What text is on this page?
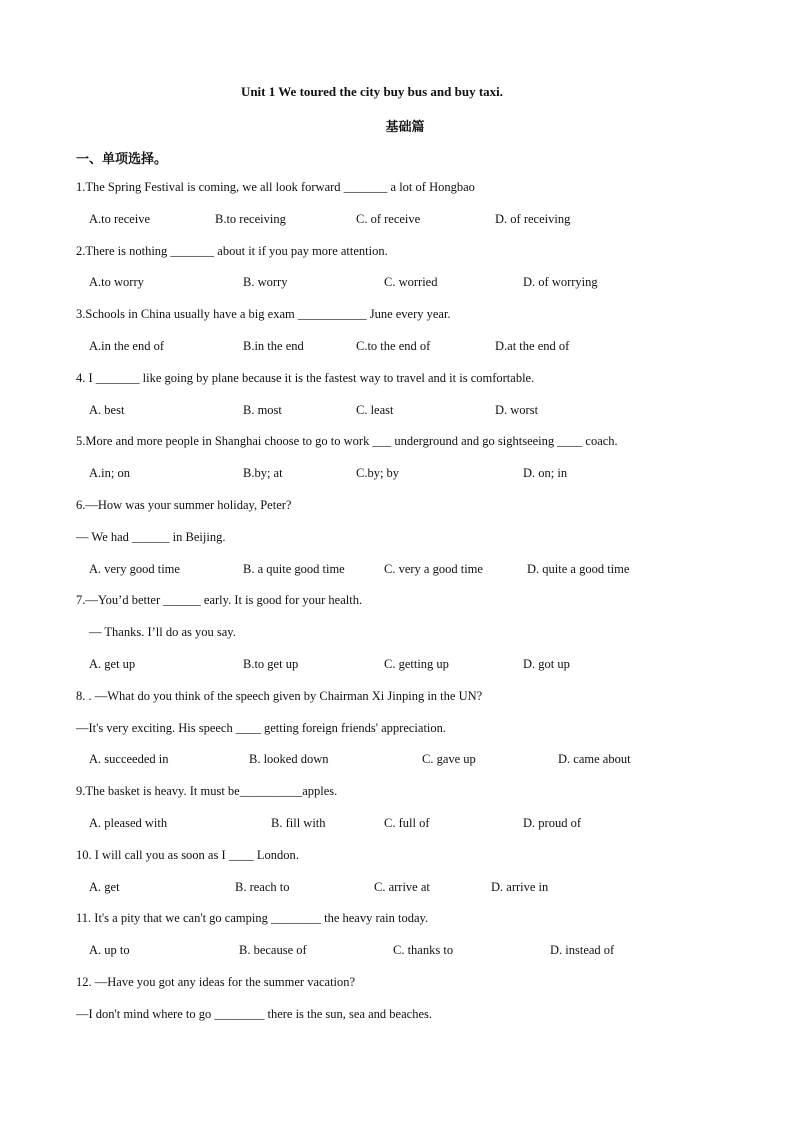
Unit 1 We toured the city buy bus and buy taxi.
基础篇
一、单项选择。
1.The Spring Festival is coming, we all look forward _______ a lot of Hongbao
A.to receive	B.to receiving	C. of receive	D. of receiving
2.There is nothing _______ about it if you pay more attention.
A.to worry	B. worry	C. worried	D. of worrying
3.Schools in China usually have a big exam ___________ June every year.
A.in the end of	B.in the end	C.to the end of	D.at the end of
4. I _______ like going by plane because it is the fastest way to travel and it is comfortable.
A. best	B. most	C. least	D. worst
5.More and more people in Shanghai choose to go to work ___ underground and go sightseeing ____ coach.
A.in; on	B.by; at	C.by; by	D. on; in
6.—How was your summer holiday, Peter?
— We had ______ in Beijing.
A. very good time	B. a quite good time	C. very a good time	D. quite a good time
7.—You’d better ______ early. It is good for your health.
— Thanks. I’ll do as you say.
A. get up	B.to get up	C. getting up	D. got up
8. . —What do you think of the speech given by Chairman Xi Jinping in the UN?
—It's very exciting. His speech ____ getting foreign friends' appreciation.
A. succeeded in	B. looked down	C. gave up	D. came about
9.The basket is heavy. It must be__________apples.
A. pleased with	B. fill with	C. full of	D. proud of
10. I will call you as soon as I ____ London.
A. get	B. reach to	C. arrive at	D. arrive in
11. It's a pity that we can't go camping ________ the heavy rain today.
A. up to	B. because of	C. thanks to	D. instead of
12. —Have you got any ideas for the summer vacation?
—I don't mind where to go ________ there is the sun, sea and beaches.
